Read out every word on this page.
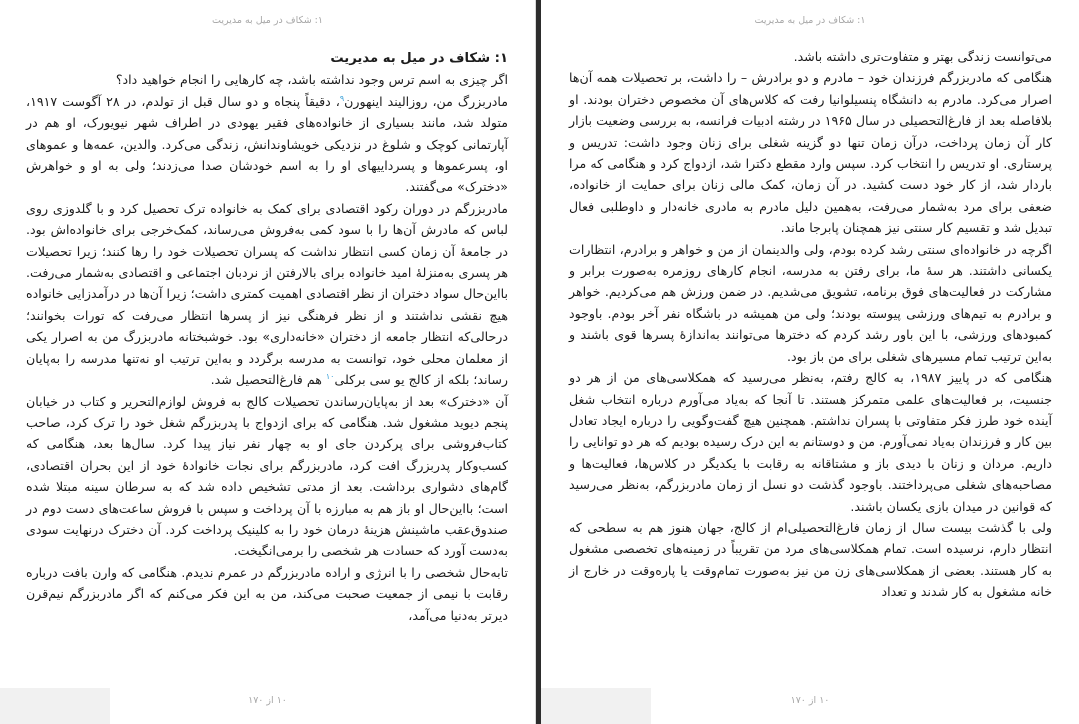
۱: شکاف در میل به مدیریت

۱: شکاف در میل به مدیریت

اگر چیزی به اسم ترس وجود نداشته باشد، چه کارهایی را انجام خواهید داد؟

مادربزرگ من، روزالیند اینهورن$^۹$، دقیقاً پنجاه و دو سال قبل از تولدم، در ۲۸ آگوست ۱۹۱۷، متولد شد، مانند بسیاری از خانواده‌های فقیر یهودی در اطراف شهر نیویورک، او هم در آپارتمانی کوچک و شلوغ در نزدیکی خویشاوندانش، زندگی می‌کرد. والدین، عمه‌ها و عموهای او، پسرعموها و پسرداییهای او را به اسم خودشان صدا می‌زدند؛ ولی به او و خواهرش «دخترک» می‌گفتند.

مادربزرگم در دوران رکود اقتصادی برای کمک به خانواده ترک تحصیل کرد و با گلدوزی روی لباس که مادرش آن‌ها را با سود کمی به‌فروش می‌رساند، کمک‌خرجی برای خانواده‌اش بود. در جامعهٔ آن زمان کسی انتظار نداشت که پسران تحصیلات خود را رها کنند؛ زیرا تحصیلات هر پسری به‌منزلهٔ امید خانواده برای بالارفتن از نردبان اجتماعی و اقتصادی به‌شمار می‌رفت. بااین‌حال سواد دختران از نظر اقتصادی اهمیت کمتری داشت؛ زیرا آن‌ها در درآمدزایی خانواده هیچ نقشی نداشتند و از نظر فرهنگی نیز از پسرها انتظار می‌رفت که تورات بخوانند؛ درحالی‌که انتظار جامعه از دختران «خانه‌داری» بود. خوشبختانه مادربزرگ من به اصرار یکی از معلمان محلی خود، توانست به مدرسه برگردد و به‌این ترتیب او نه‌تنها مدرسه را به‌پایان رساند؛ بلکه از کالج یو سی برکلی$^{۱۰}$ هم فارغ‌التحصیل شد.

آن «دخترک» بعد از به‌پایان‌رساندن تحصیلات کالج به فروش لوازم‌التحریر و کتاب در خیابان پنجم دیوید مشغول شد. هنگامی که برای ازدواج با پدربزرگم شغل خود را ترک کرد، صاحب کتاب‌فروشی برای پرکردن جای او به چهار نفر نیاز پیدا کرد. سال‌ها بعد، هنگامی که کسب‌وکار پدربزرگ افت کرد، مادربزرگم برای نجات خانوادهٔ خود از این بحران اقتصادی، گام‌های دشواری برداشت. بعد از مدتی تشخیص داده شد که به سرطان سینه مبتلا شده است؛ بااین‌حال او باز هم به مبارزه با آن پرداخت و سپس با فروش ساعت‌های دست دوم در صندوق‌عقب ماشینش هزینهٔ درمان خود را به کلینیک پرداخت کرد. آن دخترک درنهایت سودی به‌دست آورد که حسادت هر شخصی را برمی‌انگیخت.

تابه‌حال شخصی را با انرژی و اراده مادربزرگم در عمرم ندیدم. هنگامی که وارن بافت درباره رقابت با نیمی از جمعیت صحبت می‌کند، من به این فکر می‌کنم که اگر مادربزرگم نیم‌قرن دیرتر به‌دنیا می‌آمد،

۱۰ از ۱۷۰
۱: شکاف در میل به مدیریت

می‌توانست زندگی بهتر و متفاوت‌تری داشته باشد.

هنگامی که مادربزرگم فرزندان خود – مادرم و دو برادرش – را داشت، بر تحصیلات همه آن‌ها اصرار می‌کرد. مادرم به دانشگاه پنسیلوانیا رفت که کلاس‌های آن مخصوص دختران بودند. او بلافاصله بعد از فارغ‌التحصیلی در سال ۱۹۶۵ در رشته ادبیات فرانسه، به بررسی وضعیت بازار کار آن زمان پرداخت، درآن زمان تنها دو گزینه شغلی برای زنان وجود داشت: تدریس و پرستاری. او تدریس را انتخاب کرد. سپس وارد مقطع دکترا شد، ازدواج کرد و هنگامی که مرا باردار شد، از کار خود دست کشید. در آن زمان، کمک مالی زنان برای حمایت از خانواده، ضعفی برای مرد به‌شمار می‌رفت، به‌همین دلیل مادرم به مادری خانه‌دار و داوطلبی فعال تبدیل شد و تقسیم کار سنتی نیز همچنان پابرجا ماند.

اگرچه در خانواده‌ای سنتی رشد کرده بودم، ولی والدینمان از من و خواهر و برادرم، انتظارات یکسانی داشتند. هر سهٔ ما، برای رفتن به مدرسه، انجام کارهای روزمره به‌صورت برابر و مشارکت در فعالیت‌های فوق برنامه، تشویق می‌شدیم. در ضمن ورزش هم می‌کردیم. خواهر و برادرم به تیم‌های ورزشی پیوسته بودند؛ ولی من همیشه در باشگاه نفر آخر بودم. باوجود کمبودهای ورزشی، با این باور رشد کردم که دخترها می‌توانند به‌اندازهٔ پسرها قوی باشند و به‌این ترتیب تمام مسیرهای شغلی برای من باز بود.

هنگامی که در پاییز ۱۹۸۷، به کالج رفتم، به‌نظر می‌رسید که همکلاسی‌های من از هر دو جنسیت، بر فعالیت‌های علمی متمرکز هستند. تا آنجا که به‌یاد می‌آورم درباره انتخاب شغل آینده خود طرز فکر متفاوتی با پسران نداشتم. همچنین هیچ گفت‌وگویی را درباره ایجاد تعادل بین کار و فرزندان به‌یاد نمی‌آورم. من و دوستانم به این درک رسیده بودیم که هر دو توانایی را داریم. مردان و زنان با دیدی باز و مشتاقانه به رقابت با یکدیگر در کلاس‌ها، فعالیت‌ها و مصاحبه‌های شغلی می‌پرداختند. باوجود گذشت دو نسل از زمان مادربزرگم، به‌نظر می‌رسید که قوانین در میدان بازی یکسان باشند.

ولی با گذشت بیست سال از زمان فارغ‌التحصیلی‌ام از کالج، جهان هنوز هم به سطحی که انتظار دارم، نرسیده است. تمام همکلاسی‌های مرد من تقریباً در زمینه‌های تخصصی مشغول به کار هستند. بعضی از همکلاسی‌های زن من نیز به‌صورت تمام‌وقت یا پاره‌وقت در خارج از خانه مشغول به کار شدند و تعداد

۱۰ از ۱۷۰
